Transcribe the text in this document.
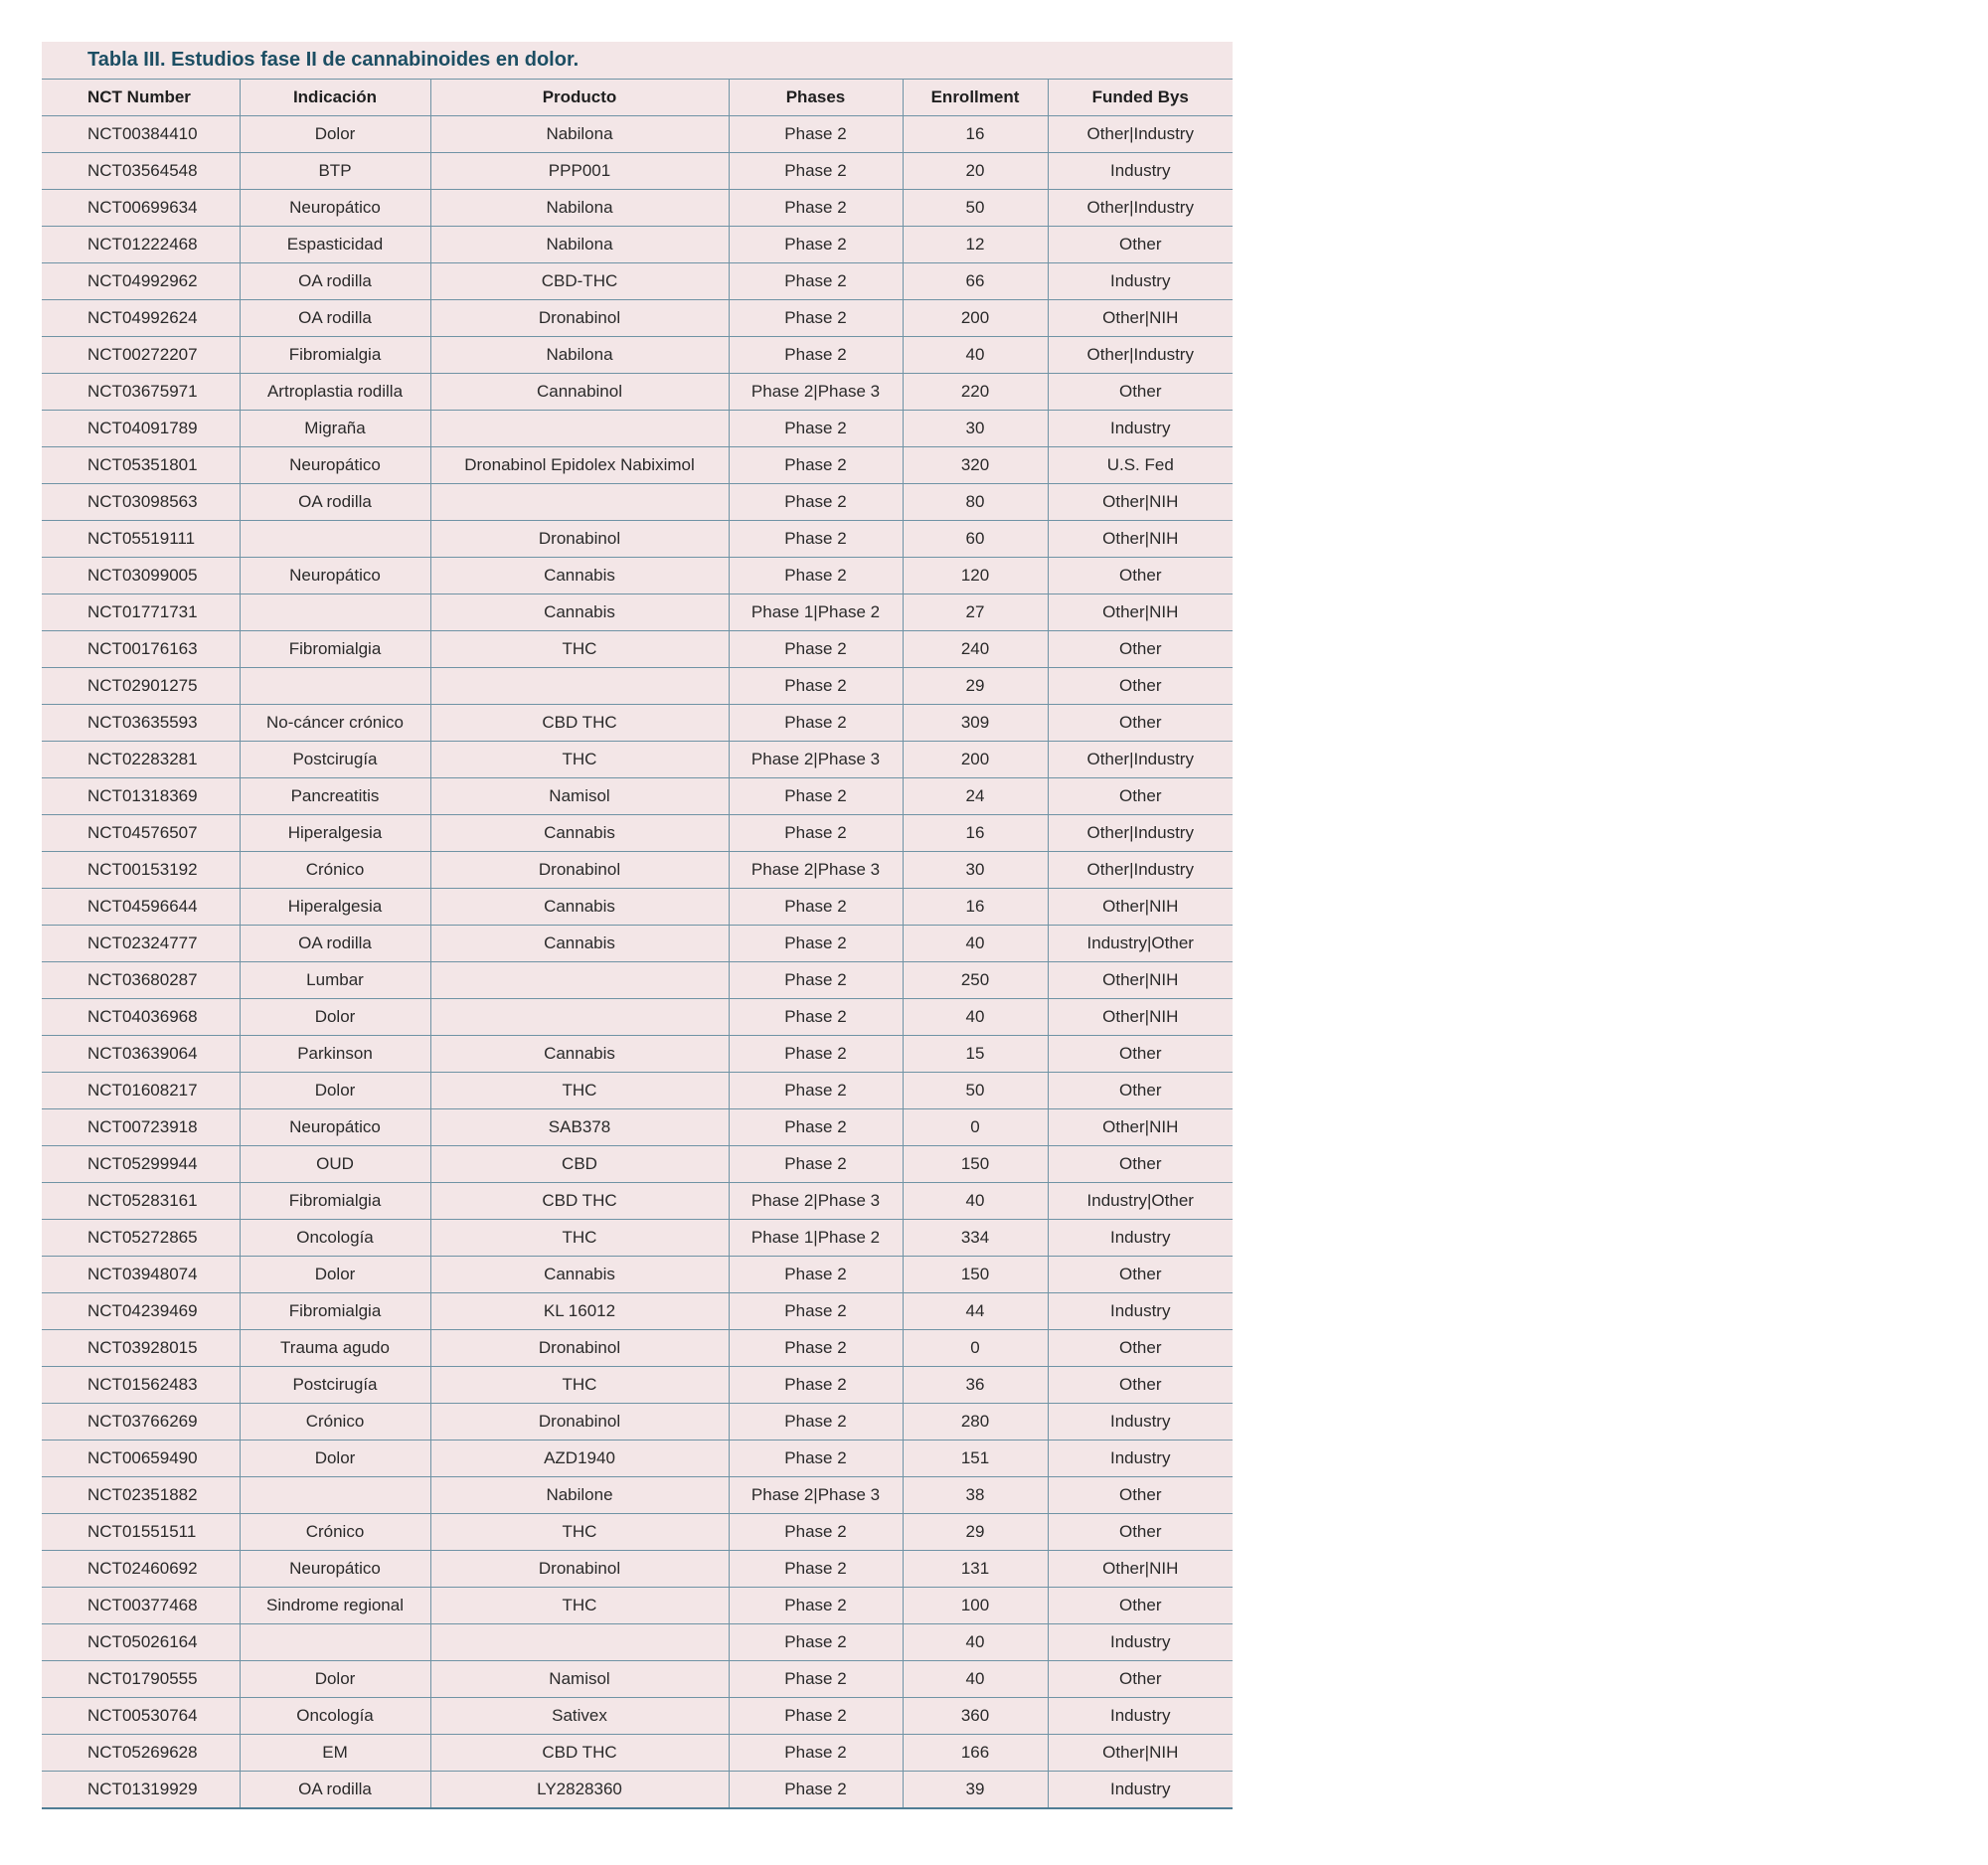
Tabla III. Estudios fase II de cannabinoides en dolor.
NCT Number	Indicación	Producto	Phases	Enrollment	Funded Bys
NCT00384410	Dolor	Nabilona	Phase 2	16	Other|Industry
NCT03564548	BTP	PPP001	Phase 2	20	Industry
NCT00699634	Neuropático	Nabilona	Phase 2	50	Other|Industry
NCT01222468	Espasticidad	Nabilona	Phase 2	12	Other
NCT04992962	OA rodilla	CBD-THC	Phase 2	66	Industry
NCT04992624	OA rodilla	Dronabinol	Phase 2	200	Other|NIH
NCT00272207	Fibromialgia	Nabilona	Phase 2	40	Other|Industry
NCT03675971	Artroplastia rodilla	Cannabinol	Phase 2|Phase 3	220	Other
NCT04091789	Migraña		Phase 2	30	Industry
NCT05351801	Neuropático	Dronabinol Epidolex Nabiximol	Phase 2	320	U.S. Fed
NCT03098563	OA rodilla		Phase 2	80	Other|NIH
NCT05519111		Dronabinol	Phase 2	60	Other|NIH
NCT03099005	Neuropático	Cannabis	Phase 2	120	Other
NCT01771731		Cannabis	Phase 1|Phase 2	27	Other|NIH
NCT00176163	Fibromialgia	THC	Phase 2	240	Other
NCT02901275			Phase 2	29	Other
NCT03635593	No-cáncer crónico	CBD THC	Phase 2	309	Other
NCT02283281	Postcirugía	THC	Phase 2|Phase 3	200	Other|Industry
NCT01318369	Pancreatitis	Namisol	Phase 2	24	Other
NCT04576507	Hiperalgesia	Cannabis	Phase 2	16	Other|Industry
NCT00153192	Crónico	Dronabinol	Phase 2|Phase 3	30	Other|Industry
NCT04596644	Hiperalgesia	Cannabis	Phase 2	16	Other|NIH
NCT02324777	OA rodilla	Cannabis	Phase 2	40	Industry|Other
NCT03680287	Lumbar		Phase 2	250	Other|NIH
NCT04036968	Dolor		Phase 2	40	Other|NIH
NCT03639064	Parkinson	Cannabis	Phase 2	15	Other
NCT01608217	Dolor	THC	Phase 2	50	Other
NCT00723918	Neuropático	SAB378	Phase 2	0	Other|NIH
NCT05299944	OUD	CBD	Phase 2	150	Other
NCT05283161	Fibromialgia	CBD THC	Phase 2|Phase 3	40	Industry|Other
NCT05272865	Oncología	THC	Phase 1|Phase 2	334	Industry
NCT03948074	Dolor	Cannabis	Phase 2	150	Other
NCT04239469	Fibromialgia	KL 16012	Phase 2	44	Industry
NCT03928015	Trauma agudo	Dronabinol	Phase 2	0	Other
NCT01562483	Postcirugía	THC	Phase 2	36	Other
NCT03766269	Crónico	Dronabinol	Phase 2	280	Industry
NCT00659490	Dolor	AZD1940	Phase 2	151	Industry
NCT02351882		Nabilone	Phase 2|Phase 3	38	Other
NCT01551511	Crónico	THC	Phase 2	29	Other
NCT02460692	Neuropático	Dronabinol	Phase 2	131	Other|NIH
NCT00377468	Sindrome regional	THC	Phase 2	100	Other
NCT05026164			Phase 2	40	Industry
NCT01790555	Dolor	Namisol	Phase 2	40	Other
NCT00530764	Oncología	Sativex	Phase 2	360	Industry
NCT05269628	EM	CBD THC	Phase 2	166	Other|NIH
NCT01319929	OA rodilla	LY2828360	Phase 2	39	Industry
